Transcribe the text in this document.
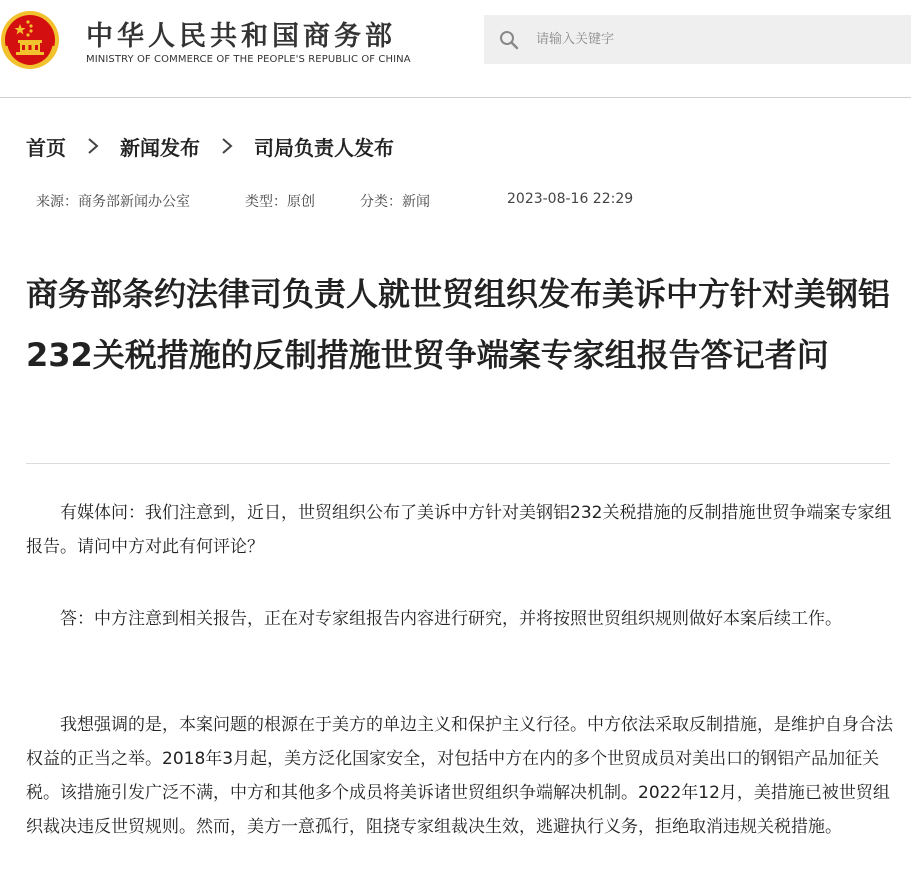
中华人民共和国商务部
MINISTRY OF COMMERCE OF THE PEOPLE'S REPUBLIC OF CHINA
请输入关键字
首页	新闻发布	司局负责人发布
来源：商务部新闻办公室	类型：原创	分类：新闻	2023-08-16 22:29
商务部条约法律司负责人就世贸组织发布美诉中方针对美钢铝232关税措施的反制措施世贸争端案专家组报告答记者问

有媒体问：我们注意到，近日，世贸组织公布了美诉中方针对美钢铝232关税措施的反制措施世贸争端案专家组报告。请问中方对此有何评论？

答：中方注意到相关报告，正在对专家组报告内容进行研究，并将按照世贸组织规则做好本案后续工作。

我想强调的是，本案问题的根源在于美方的单边主义和保护主义行径。中方依法采取反制措施，是维护自身合法权益的正当之举。2018年3月起，美方泛化国家安全，对包括中方在内的多个世贸成员对美出口的钢铝产品加征关税。该措施引发广泛不满，中方和其他多个成员将美诉诸世贸组织争端解决机制。2022年12月，美措施已被世贸组织裁决违反世贸规则。然而，美方一意孤行，阻挠专家组裁决生效，逃避执行义务，拒绝取消违规关税措施。
